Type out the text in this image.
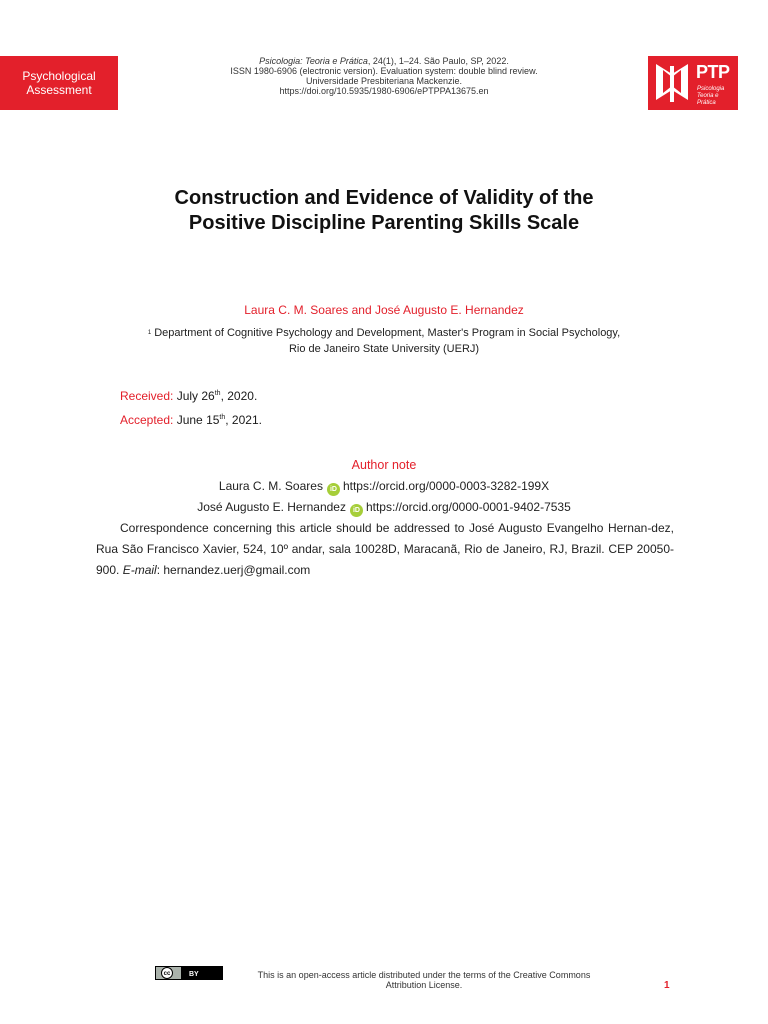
Psychological
Assessment
Psicologia: Teoria e Prática, 24(1), 1–24. São Paulo, SP, 2022.
ISSN 1980-6906 (electronic version). Evaluation system: double blind review.
Universidade Presbiteriana Mackenzie.
https://doi.org/10.5935/1980-6906/ePTPPA13675.en
PTP
Psicologia
Teoria e Prática
Construction and Evidence of Validity of the
Positive Discipline Parenting Skills Scale
Laura C. M. Soares and José Augusto E. Hernandez
$^1$ Department of Cognitive Psychology and Development, Master's Program in Social Psychology,
Rio de Janeiro State University (UERJ)
Received: July 26th, 2020.
Accepted: June 15th, 2021.
Author note
Laura C. M. Soares iD https://orcid.org/0000-0003-3282-199X
José Augusto E. Hernandez iD https://orcid.org/0000-0001-9402-7535
Correspondence concerning this article should be addressed to José Augusto Evangelho Hernan-dez, Rua São Francisco Xavier, 524, 10º andar, sala 10028D, Maracanã, Rio de Janeiro, RJ, Brazil. CEP 20050-900. E-mail: hernandez.uerj@gmail.com
cc	BY	This is an open-access article distributed under the terms of the Creative Commons
Attribution License.	1
